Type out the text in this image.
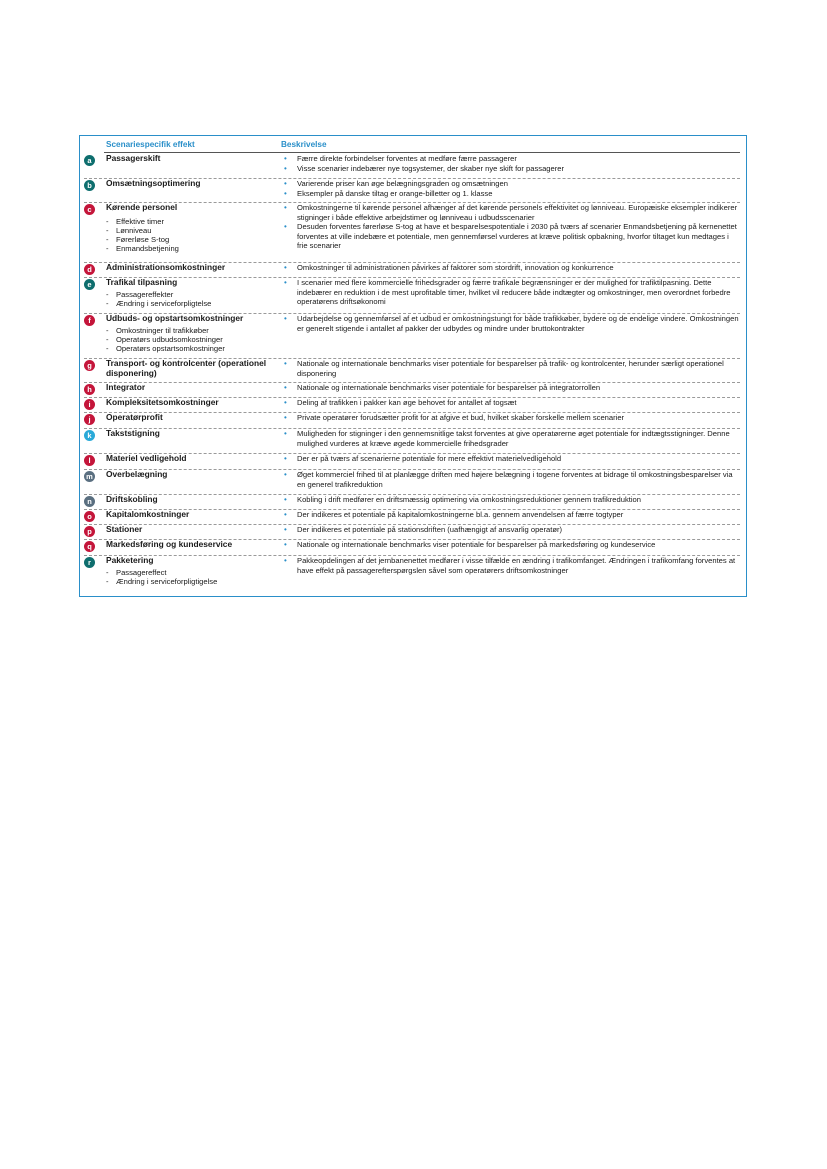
Scenariespecifik effekt	Beskrivelse
a	Passagerskift	• Færre direkte forbindelser forventes at medføre færre passagerer
• Visse scenarier indebærer nye togsystemer, der skaber nye skift for passagerer
b	Omsætningsoptimering	• Varierende priser kan øge belægningsgraden og omsætningen
• Eksempler på danske tiltag er orange-billetter og 1. klasse
c	Kørende personel
- Effektive timer
- Lønniveau
- Førerløse S-tog
- Enmandsbetjening
• Omkostningerne til kørende personel afhænger af det kørende personels effektivitet og lønniveau. Europæiske eksempler indikerer stigninger i både effektive arbejdstimer og lønniveau i udbudsscenarier
• Desuden forventes førerløse S-tog at have et besparelsespotentiale i 2030 på tværs af scenarier Enmandsbetjening på kernenettet forventes at ville indebære et potentiale, men gennemførsel vurderes at kræve politisk opbakning, hvorfor tiltaget kun medtages i frie scenarier
d	Administrationsomkostninger	• Omkostninger til administrationen påvirkes af faktorer som stordrift, innovation og konkurrence
e	Trafikal tilpasning
- Passagereffekter
- Ændring i serviceforpligtelse
• I scenarier med flere kommercielle frihedsgrader og færre trafikale begrænsninger er der mulighed for trafiktilpasning. Dette indebærer en reduktion i de mest uprofitable timer, hvilket vil reducere både indtægter og omkostninger, men overordnet forbedre operatørens driftsøkonomi
f	Udbuds- og opstartsomkostninger
- Omkostninger til trafikkøber
- Operatørs udbudsomkostninger
- Operatørs opstartsomkostninger
• Udarbejdelse og gennemførsel af et udbud er omkostningstungt for både trafikkøber, bydere og de endelige vindere. Omkostningen er generelt stigende i antallet af pakker der udbydes og mindre under bruttokontrakter
g	Transport- og kontrolcenter (operationel disponering)
• Nationale og internationale benchmarks viser potentiale for besparelser på trafik- og kontrolcenter, herunder særligt operationel disponering
h	Integrator	• Nationale og internationale benchmarks viser potentiale for besparelser på integratorrollen
i	Kompleksitetsomkostninger	• Deling af trafikken i pakker kan øge behovet for antallet af togsæt
j	Operatørprofit	• Private operatører forudsætter profit for at afgive et bud, hvilket skaber forskelle mellem scenarier
k	Takststigning	• Muligheden for stigninger i den gennemsnitlige takst forventes at give operatørerne øget potentiale for indtægtsstigninger. Denne mulighed vurderes at kræve øgede kommercielle frihedsgrader
l	Materiel vedligehold	• Der er på tværs af scenarierne potentiale for mere effektivt materielvedligehold
m Overbelægning	• Øget kommerciel frihed til at planlægge driften med højere belægning i togene forventes at bidrage til omkostningsbesparelser via en generel trafikreduktion
n	Driftskobling	• Kobling i drift medfører en driftsmæssig optimering via omkostningsreduktioner gennem trafikreduktion
o	Kapitalomkostninger	• Der indikeres et potentiale på kapitalomkostningerne bl.a. gennem anvendelsen af færre togtyper
p	Stationer	• Der indikeres et potentiale på stationsdriften (uafhængigt af ansvarlig operatør)
q	Markedsføring og kundeservice	• Nationale og internationale benchmarks viser potentiale for besparelser på markedsføring og kundeservice
r	Pakketering
- Passagereffect
- Ændring i serviceforpligtigelse
• Pakkeopdelingen af det jernbanenettet medfører i visse tilfælde en ændring i trafikomfanget. Ændringen i trafikomfang forventes at have effekt på passagerefterspørgslen såvel som operatørers driftsomkostninger
